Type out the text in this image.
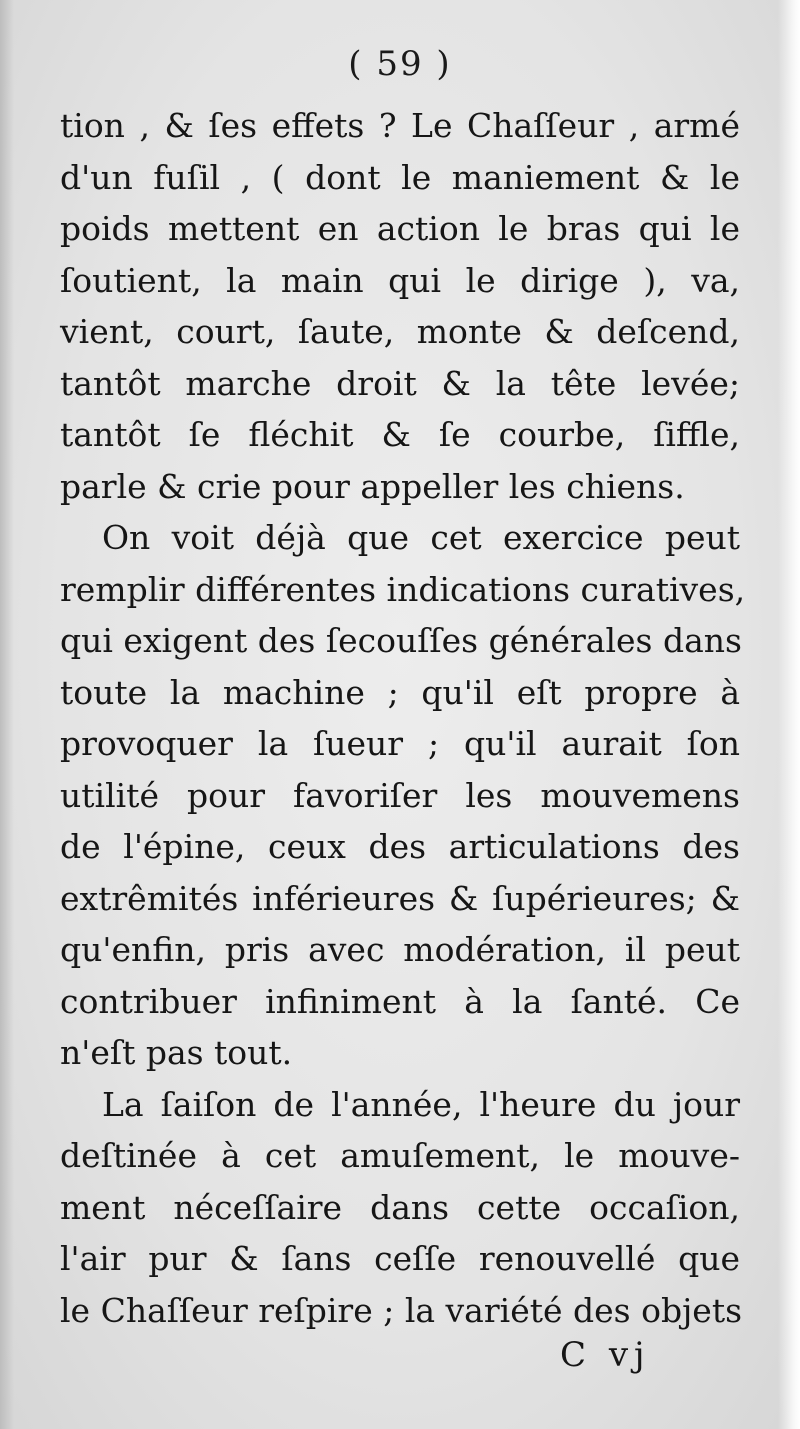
( 59 )
tion , & ſes effets ? Le Chaſſeur , armé
d'un fuſil , ( dont le maniement & le
poids mettent en action le bras qui le
ſoutient, la main qui le dirige ), va,
vient, court, ſaute, monte & deſcend,
tantôt marche droit & la tête levée;
tantôt ſe fléchit & ſe courbe, ſiffle,
parle & crie pour appeller les chiens.
On voit déjà que cet exercice peut
remplir différentes indications curatives,
qui exigent des ſecouſſes générales dans
toute la machine ; qu'il eſt propre à
provoquer la ſueur ; qu'il aurait ſon
utilité pour favoriſer les mouvemens
de l'épine, ceux des articulations des
extrêmités inférieures & ſupérieures; &
qu'enfin, pris avec modération, il peut
contribuer infiniment à la ſanté. Ce
n'eſt pas tout.
La ſaiſon de l'année, l'heure du jour
deſtinée à cet amuſement, le mouve-
ment néceſſaire dans cette occaſion,
l'air pur & ſans ceſſe renouvellé que
le Chaſſeur reſpire ; la variété des objets
C vj
